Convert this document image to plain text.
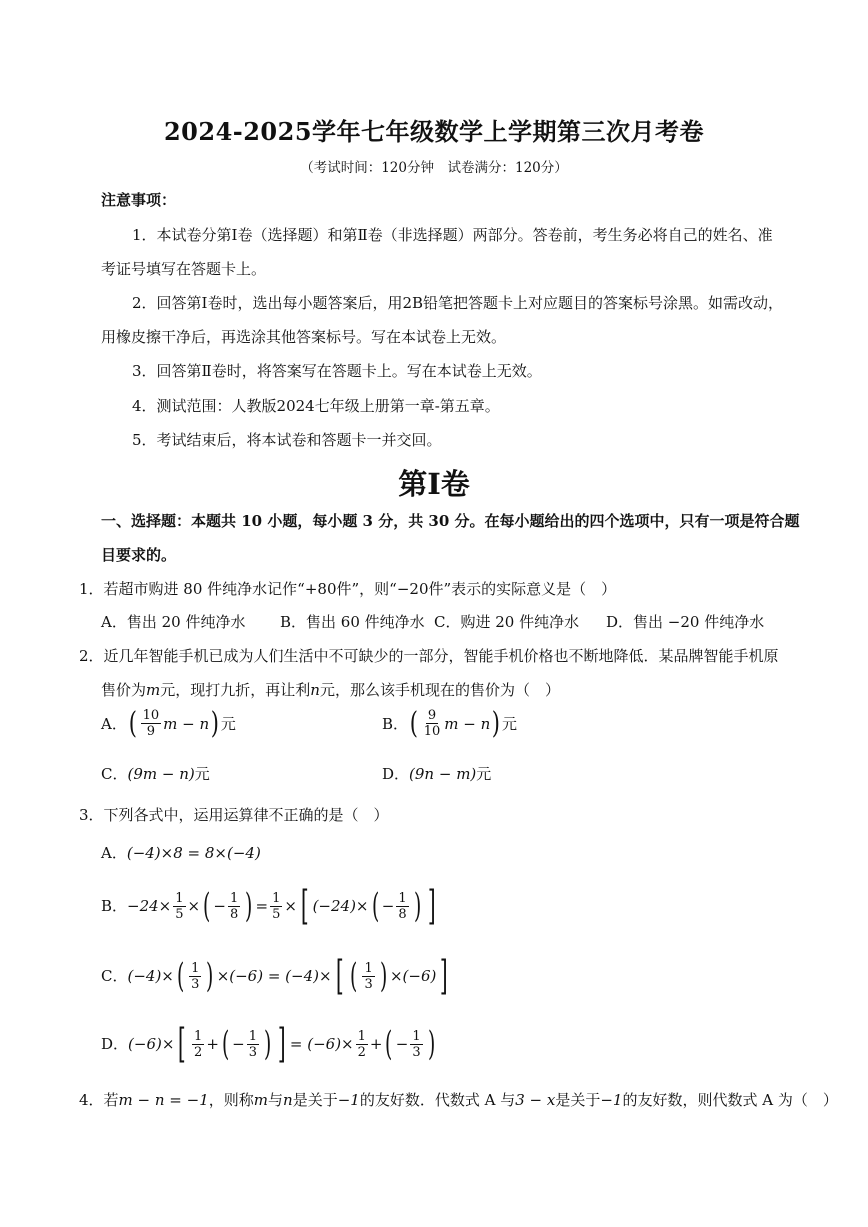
2024-2025学年七年级数学上学期第三次月考卷
（考试时间：120分钟　试卷满分：120分）
注意事项：
1．本试卷分第Ⅰ卷（选择题）和第Ⅱ卷（非选择题）两部分。答卷前，考生务必将自己的姓名、准
考证号填写在答题卡上。
2．回答第Ⅰ卷时，选出每小题答案后，用2B铅笔把答题卡上对应题目的答案标号涂黑。如需改动，
用橡皮擦干净后，再选涂其他答案标号。写在本试卷上无效。
3．回答第Ⅱ卷时，将答案写在答题卡上。写在本试卷上无效。
4．测试范围：人教版2024七年级上册第一章-第五章。
5．考试结束后，将本试卷和答题卡一并交回。
第Ⅰ卷
一、选择题：本题共 10 小题，每小题 3 分，共 30 分。在每小题给出的四个选项中，只有一项是符合题
目要求的。
1．若超市购进 80 件纯净水记作“+80件”，则“−20件”表示的实际意义是（　）
A．售出 20 件纯净水 B．售出 60 件纯净水 C．购进 20 件纯净水 D．售出 −20 件纯净水
2．近几年智能手机已成为人们生活中不可缺少的一部分，智能手机价格也不断地降低．某品牌智能手机原
售价为m元，现打九折，再让利n元，那么该手机现在的售价为（　）
A． ( $\frac{10}{9}$ m − n ) 元	B． ( $\frac{9}{10}$ m − n ) 元
C．(9m − n)元	D．(9n − m)元
3．下列各式中，运用运算律不正确的是（　）
A．(−4)×8 = 8×(−4)
B． $-24\times \frac{1}{5}$ × ( − $\frac{1}{8}$ ) = $\frac{1}{5}$ × [ (−24)× ( − $\frac{1}{8}$ ) ]
C． (−4)× ( $\frac{1}{3}$ ) ×(−6) = (−4)× [ ( $\frac{1}{3}$ ) ×(−6) ]
D． (−6)× [ $\frac{1}{2}$ + ( − $\frac{1}{3}$ ) ] = $(-6)\times \frac{1}{2}$ + ( − $\frac{1}{3}$ )
4．若m − n = −1，则称m与n是关于−1的友好数．代数式 A 与3 − x是关于−1的友好数，则代数式 A 为（　）
